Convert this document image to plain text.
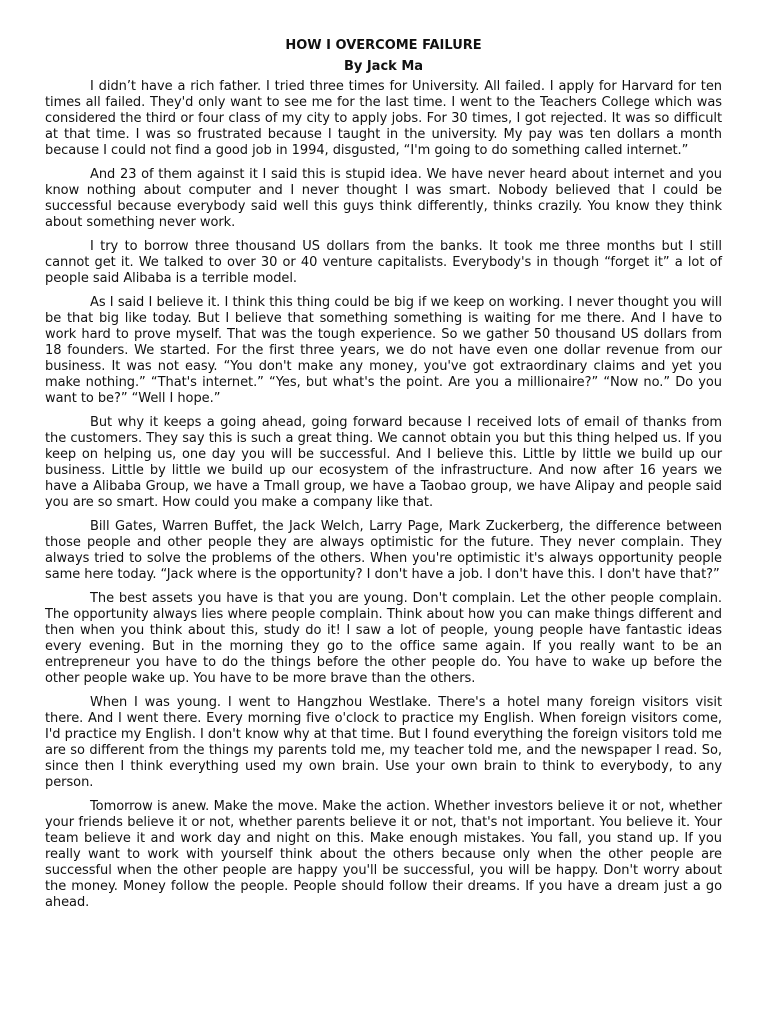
HOW I OVERCOME FAILURE
By Jack Ma

I didn’t have a rich father. I tried three times for University. All failed. I apply for Harvard for ten times all failed. They'd only want to see me for the last time. I went to the Teachers College which was considered the third or four class of my city to apply jobs. For 30 times, I got rejected. It was so difficult at that time. I was so frustrated because I taught in the university. My pay was ten dollars a month because I could not find a good job in 1994, disgusted, “I'm going to do something called internet.”

And 23 of them against it I said this is stupid idea. We have never heard about internet and you know nothing about computer and I never thought I was smart. Nobody believed that I could be successful because everybody said well this guys think differently, thinks crazily. You know they think about something never work.

I try to borrow three thousand US dollars from the banks. It took me three months but I still cannot get it. We talked to over 30 or 40 venture capitalists. Everybody's in though “forget it” a lot of people said Alibaba is a terrible model.

As I said I believe it. I think this thing could be big if we keep on working. I never thought you will be that big like today. But I believe that something something is waiting for me there. And I have to work hard to prove myself. That was the tough experience. So we gather 50 thousand US dollars from 18 founders. We started. For the first three years, we do not have even one dollar revenue from our business. It was not easy. “You don't make any money, you've got extraordinary claims and yet you make nothing.” “That's internet.” “Yes, but what's the point. Are you a millionaire?” “Now no.” Do you want to be?” “Well I hope.”

But why it keeps a going ahead, going forward because I received lots of email of thanks from the customers. They say this is such a great thing. We cannot obtain you but this thing helped us. If you keep on helping us, one day you will be successful. And I believe this. Little by little we build up our business. Little by little we build up our ecosystem of the infrastructure. And now after 16 years we have a Alibaba Group, we have a Tmall group, we have a Taobao group, we have Alipay and people said you are so smart. How could you make a company like that.

Bill Gates, Warren Buffet, the Jack Welch, Larry Page, Mark Zuckerberg, the difference between those people and other people they are always optimistic for the future. They never complain. They always tried to solve the problems of the others. When you're optimistic it's always opportunity people same here today. “Jack where is the opportunity? I don't have a job. I don't have this. I don't have that?”

The best assets you have is that you are young. Don't complain. Let the other people complain. The opportunity always lies where people complain. Think about how you can make things different and then when you think about this, study do it! I saw a lot of people, young people have fantastic ideas every evening. But in the morning they go to the office same again. If you really want to be an entrepreneur you have to do the things before the other people do. You have to wake up before the other people wake up. You have to be more brave than the others.

When I was young. I went to Hangzhou Westlake. There's a hotel many foreign visitors visit there. And I went there. Every morning five o'clock to practice my English. When foreign visitors come, I'd practice my English. I don't know why at that time. But I found everything the foreign visitors told me are so different from the things my parents told me, my teacher told me, and the newspaper I read. So, since then I think everything used my own brain. Use your own brain to think to everybody, to any person.

Tomorrow is anew. Make the move. Make the action. Whether investors believe it or not, whether your friends believe it or not, whether parents believe it or not, that's not important. You believe it. Your team believe it and work day and night on this. Make enough mistakes. You fall, you stand up. If you really want to work with yourself think about the others because only when the other people are successful when the other people are happy you'll be successful, you will be happy. Don't worry about the money. Money follow the people. People should follow their dreams. If you have a dream just a go ahead.
